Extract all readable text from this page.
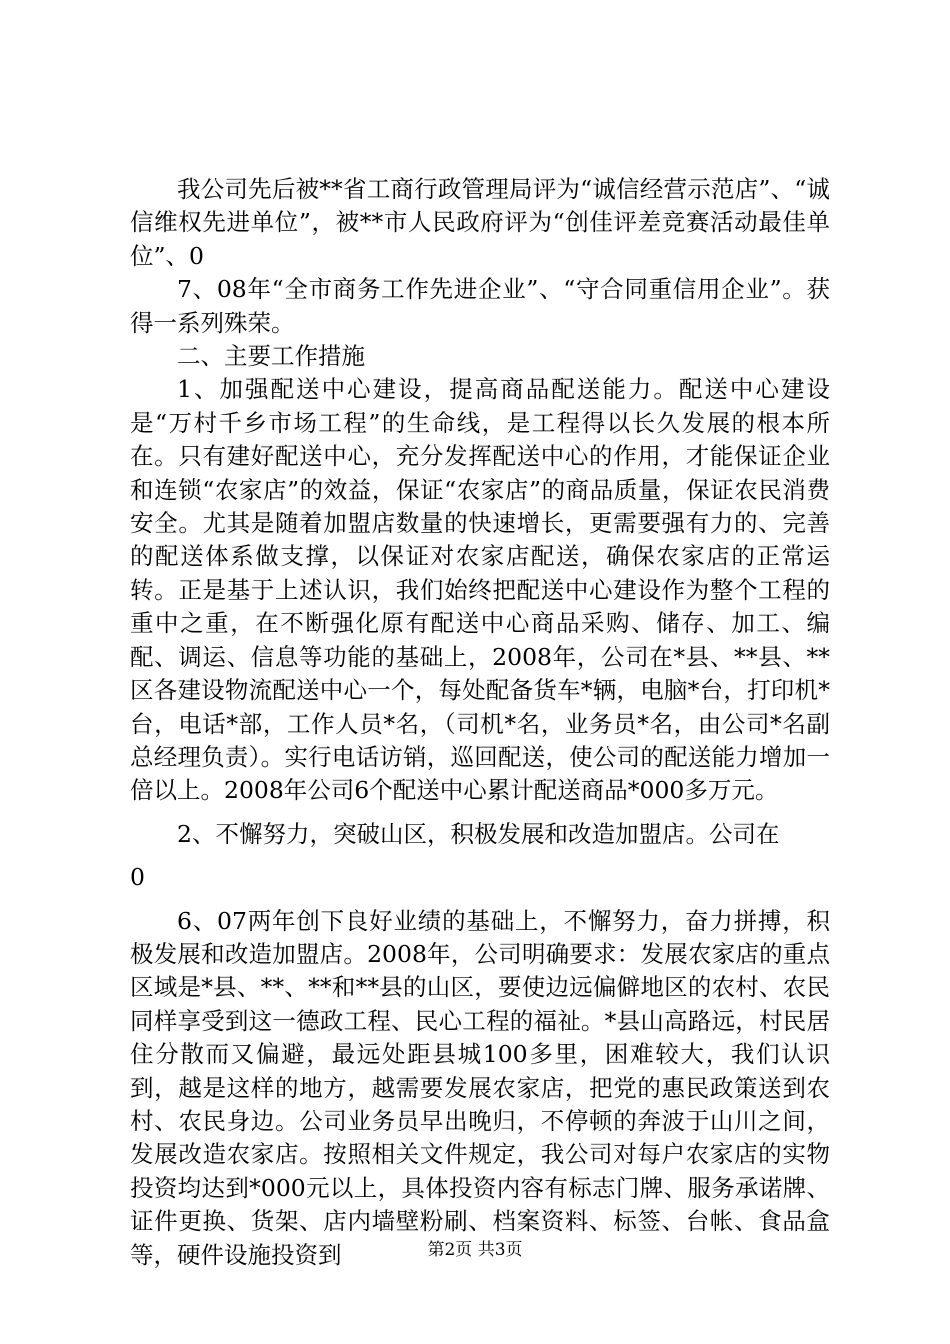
我公司先后被**省工商行政管理局评为“诚信经营示范店”、“诚信维权先进单位”，被**市人民政府评为“创佳评差竞赛活动最佳单位”、0

7、08年“全市商务工作先进企业”、“守合同重信用企业”。获得一系列殊荣。

二、主要工作措施

1、加强配送中心建设，提高商品配送能力。配送中心建设是“万村千乡市场工程”的生命线，是工程得以长久发展的根本所在。只有建好配送中心，充分发挥配送中心的作用，才能保证企业和连锁“农家店”的效益，保证“农家店”的商品质量，保证农民消费安全。尤其是随着加盟店数量的快速增长，更需要强有力的、完善的配送体系做支撑，以保证对农家店配送，确保农家店的正常运转。正是基于上述认识，我们始终把配送中心建设作为整个工程的重中之重，在不断强化原有配送中心商品采购、储存、加工、编配、调运、信息等功能的基础上，2008年，公司在*县、**县、**区各建设物流配送中心一个，每处配备货车*辆，电脑*台，打印机*台，电话*部，工作人员*名，（司机*名，业务员*名，由公司*名副总经理负责）。实行电话访销，巡回配送，使公司的配送能力增加一倍以上。2008年公司6个配送中心累计配送商品*000多万元。

2、不懈努力，突破山区，积极发展和改造加盟店。公司在

0

6、07两年创下良好业绩的基础上，不懈努力，奋力拼搏，积极发展和改造加盟店。2008年，公司明确要求：发展农家店的重点区域是*县、**、**和**县的山区，要使边远偏僻地区的农村、农民同样享受到这一德政工程、民心工程的福祉。*县山高路远，村民居住分散而又偏避，最远处距县城100多里，困难较大，我们认识到，越是这样的地方，越需要发展农家店，把党的惠民政策送到农村、农民身边。公司业务员早出晚归，不停顿的奔波于山川之间，发展改造农家店。按照相关文件规定，我公司对每户农家店的实物投资均达到*000元以上，具体投资内容有标志门牌、服务承诺牌、证件更换、货架、店内墙壁粉刷、档案资料、标签、台帐、食品盒等，硬件设施投资到	第2页 共3页
